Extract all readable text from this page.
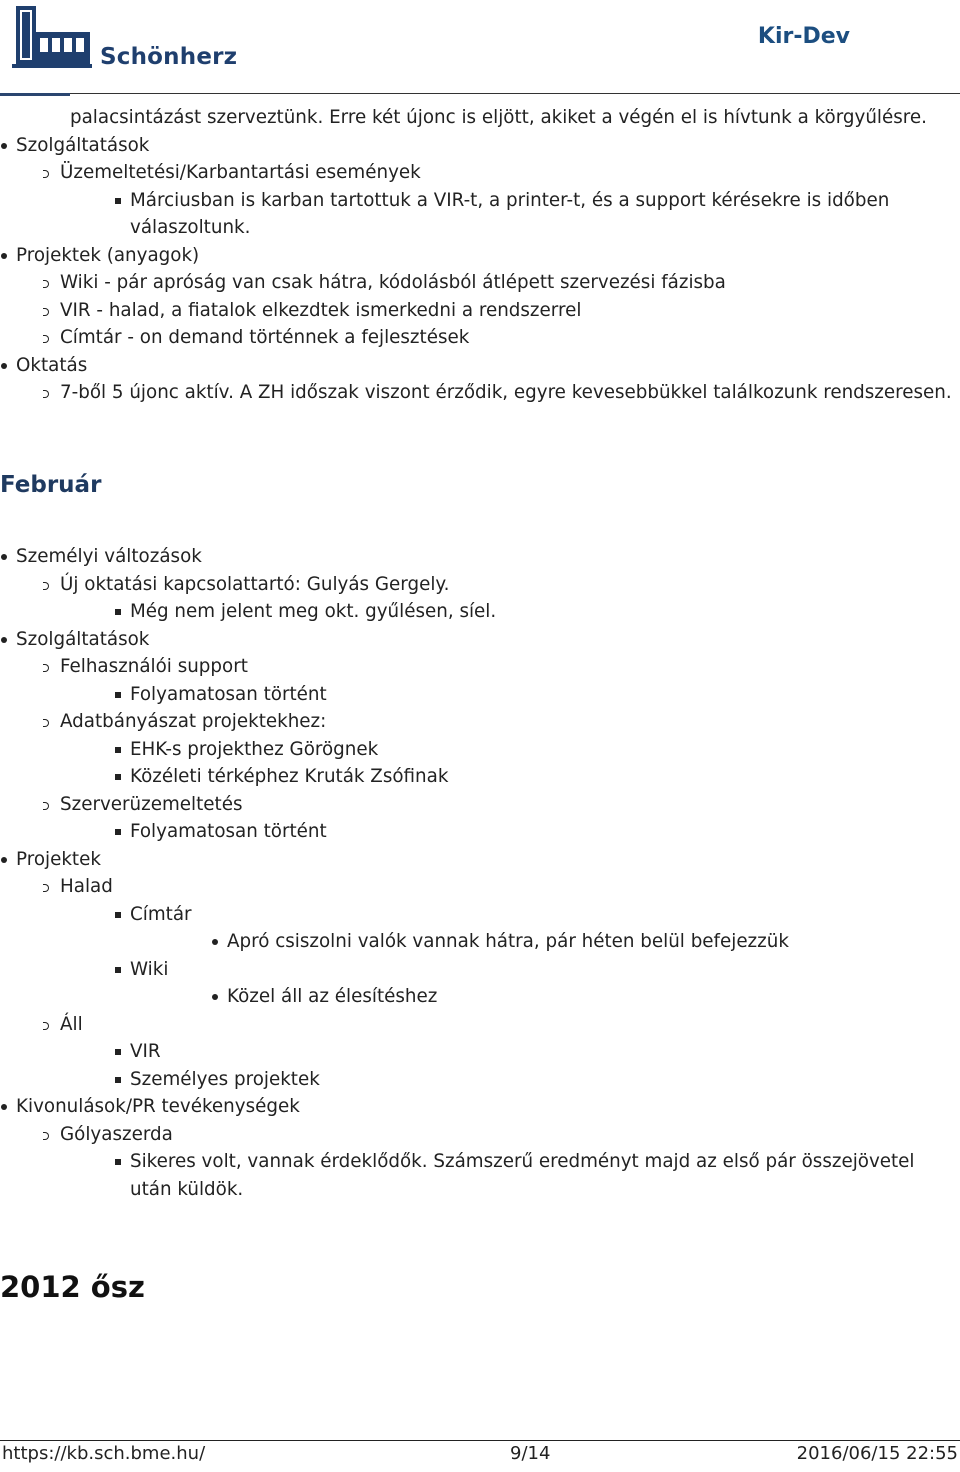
Schönherz
Kir-Dev

palacsintázást szerveztünk. Erre két újonc is eljött, akiket a végén el is hívtunk a körgyűlésre.

Szolgáltatások
Üzemeltetési/Karbantartási események
Márciusban is karban tartottuk a VIR-t, a printer-t, és a support kérésekre is időben válaszoltunk.
Projektek (anyagok)
Wiki - pár apróság van csak hátra, kódolásból átlépett szervezési fázisba
VIR - halad, a fiatalok elkezdtek ismerkedni a rendszerrel
Címtár - on demand történnek a fejlesztések
Oktatás
7-ből 5 újonc aktív. A ZH időszak viszont érződik, egyre kevesebbükkel találkozunk rendszeresen.
Február
Személyi változások
Új oktatási kapcsolattartó: Gulyás Gergely.
Még nem jelent meg okt. gyűlésen, síel.
Szolgáltatások
Felhasználói support
Folyamatosan történt
Adatbányászat projektekhez:
EHK-s projekthez Görögnek
Közéleti térképhez Kruták Zsófinak
Szerverüzemeltetés
Folyamatosan történt
Projektek
Halad
Címtár
Apró csiszolni valók vannak hátra, pár héten belül befejezzük
Wiki
Közel áll az élesítéshez
Áll
VIR
Személyes projektek
Kivonulások/PR tevékenységek
Gólyaszerda
Sikeres volt, vannak érdeklődők. Számszerű eredményt majd az első pár összejövetel után küldök.
2012 ősz
https://kb.sch.bme.hu/	9/14	2016/06/15 22:55
